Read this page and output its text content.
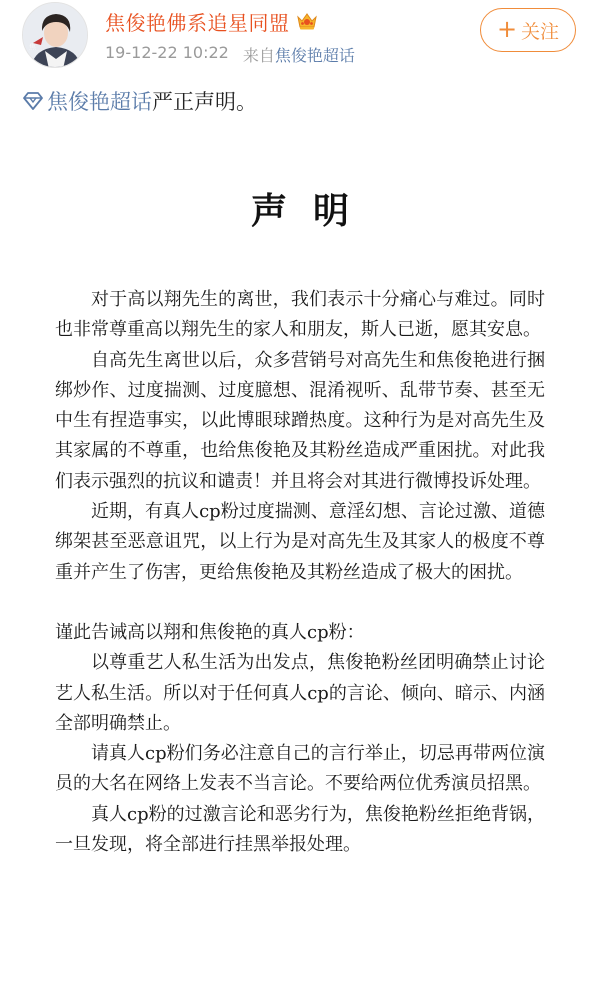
焦
焦俊艳佛系追星同盟
19-12-22 10:22 来自焦俊艳超话
+ 关注
焦俊艳超话 严正声明。
声明

对于高以翔先生的离世，我们表示十分痛心与难过。同时也非常尊重高以翔先生的家人和朋友，斯人已逝，愿其安息。

自高先生离世以后，众多营销号对高先生和焦俊艳进行捆绑炒作、过度揣测、过度臆想、混淆视听、乱带节奏、甚至无中生有捏造事实，以此博眼球蹭热度。这种行为是对高先生及其家属的不尊重，也给焦俊艳及其粉丝造成严重困扰。对此我们表示强烈的抗议和谴责！并且将会对其进行微博投诉处理。

近期，有真人cp粉过度揣测、意淫幻想、言论过激、道德绑架甚至恶意诅咒，以上行为是对高先生及其家人的极度不尊重并产生了伤害，更给焦俊艳及其粉丝造成了极大的困扰。

谨此告诫高以翔和焦俊艳的真人cp粉：

以尊重艺人私生活为出发点，焦俊艳粉丝团明确禁止讨论艺人私生活。所以对于任何真人cp的言论、倾向、暗示、内涵全部明确禁止。

请真人cp粉们务必注意自己的言行举止，切忌再带两位演员的大名在网络上发表不当言论。不要给两位优秀演员招黑。

真人cp粉的过激言论和恶劣行为，焦俊艳粉丝拒绝背锅，一旦发现，将全部进行挂黑举报处理。
